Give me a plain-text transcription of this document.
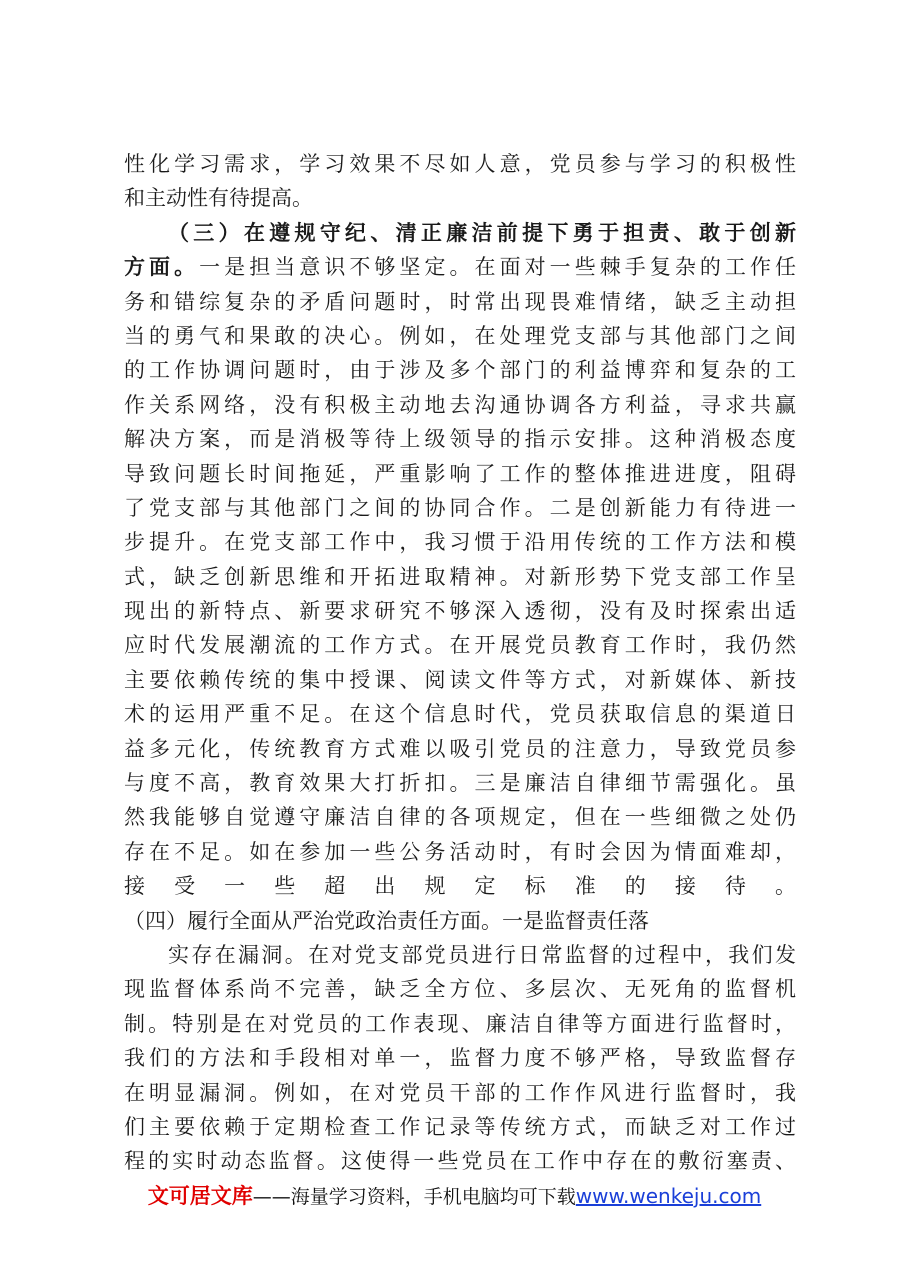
性化学习需求，学习效果不尽如人意，党员参与学习的积极性
和主动性有待提高。
（三）在遵规守纪、清正廉洁前提下勇于担责、敢于创新
方面。一是担当意识不够坚定。在面对一些棘手复杂的工作任
务和错综复杂的矛盾问题时，时常出现畏难情绪，缺乏主动担
当的勇气和果敢的决心。例如，在处理党支部与其他部门之间
的工作协调问题时，由于涉及多个部门的利益博弈和复杂的工
作关系网络，没有积极主动地去沟通协调各方利益，寻求共赢
解决方案，而是消极等待上级领导的指示安排。这种消极态度
导致问题长时间拖延，严重影响了工作的整体推进进度，阻碍
了党支部与其他部门之间的协同合作。二是创新能力有待进一
步提升。在党支部工作中，我习惯于沿用传统的工作方法和模
式，缺乏创新思维和开拓进取精神。对新形势下党支部工作呈
现出的新特点、新要求研究不够深入透彻，没有及时探索出适
应时代发展潮流的工作方式。在开展党员教育工作时，我仍然
主要依赖传统的集中授课、阅读文件等方式，对新媒体、新技
术的运用严重不足。在这个信息时代，党员获取信息的渠道日
益多元化，传统教育方式难以吸引党员的注意力，导致党员参
与度不高，教育效果大打折扣。三是廉洁自律细节需强化。虽
然我能够自觉遵守廉洁自律的各项规定，但在一些细微之处仍
存在不足。如在参加一些公务活动时，有时会因为情面难却，
接受一些超出规定标准的接待。
（四）履行全面从严治党政治责任方面。一是监督责任落
实存在漏洞。在对党支部党员进行日常监督的过程中，我们发
现监督体系尚不完善，缺乏全方位、多层次、无死角的监督机
制。特别是在对党员的工作表现、廉洁自律等方面进行监督时，
我们的方法和手段相对单一，监督力度不够严格，导致监督存
在明显漏洞。例如，在对党员干部的工作作风进行监督时，我
们主要依赖于定期检查工作记录等传统方式，而缺乏对工作过
程的实时动态监督。这使得一些党员在工作中存在的敷衍塞责、
文可居文库——海量学习资料，手机电脑均可下载www.wenkeju.com
